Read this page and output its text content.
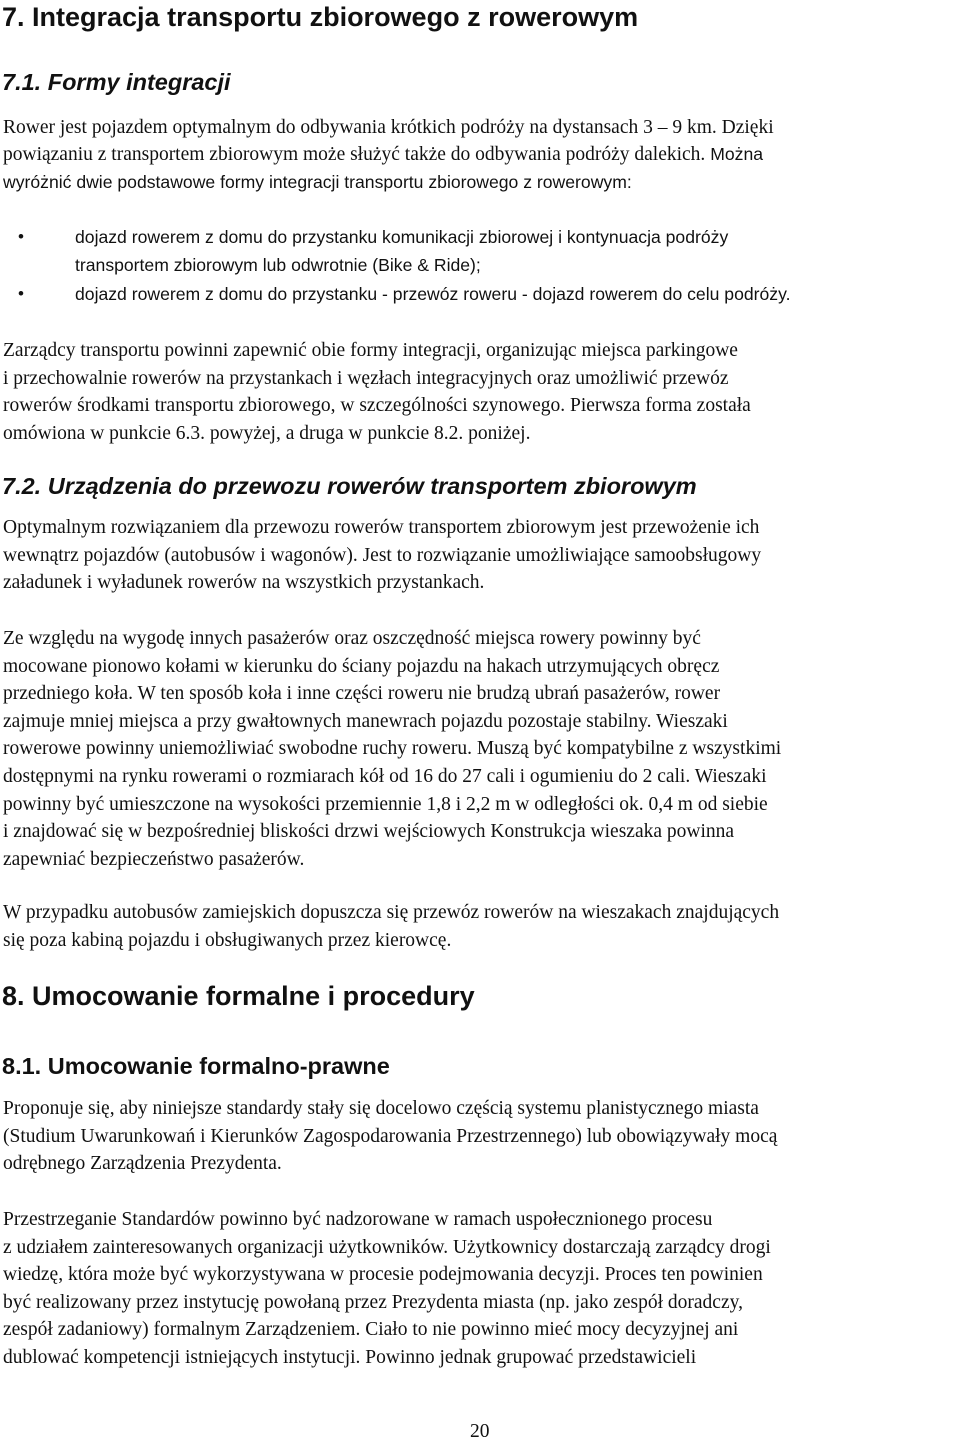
7. Integracja transportu zbiorowego z rowerowym
7.1. Formy integracji
Rower jest pojazdem optymalnym do odbywania krótkich podróży na dystansach 3 – 9 km. Dzięki
powiązaniu z transportem zbiorowym może służyć także do odbywania podróży dalekich. Można
wyróżnić dwie podstawowe formy integracji transportu zbiorowego z rowerowym:
•	dojazd rowerem z domu do przystanku komunikacji zbiorowej i kontynuacja podróży
transportem zbiorowym lub odwrotnie (Bike & Ride);
•	dojazd rowerem z domu do przystanku - przewóz roweru - dojazd rowerem do celu podróży.
Zarządcy transportu powinni zapewnić obie formy integracji, organizując miejsca parkingowe
i przechowalnie rowerów na przystankach i węzłach integracyjnych oraz umożliwić przewóz
rowerów środkami transportu zbiorowego, w szczególności szynowego. Pierwsza forma została
omówiona w punkcie 6.3. powyżej, a druga w punkcie 8.2. poniżej.
7.2. Urządzenia do przewozu rowerów transportem zbiorowym
Optymalnym rozwiązaniem dla przewozu rowerów transportem zbiorowym jest przewożenie ich
wewnątrz pojazdów (autobusów i wagonów). Jest to rozwiązanie umożliwiające samoobsługowy
załadunek i wyładunek rowerów na wszystkich przystankach.
Ze względu na wygodę innych pasażerów oraz oszczędność miejsca rowery powinny być
mocowane pionowo kołami w kierunku do ściany pojazdu na hakach utrzymujących obręcz
przedniego koła. W ten sposób koła i inne części roweru nie brudzą ubrań pasażerów, rower
zajmuje mniej miejsca a przy gwałtownych manewrach pojazdu pozostaje stabilny. Wieszaki
rowerowe powinny uniemożliwiać swobodne ruchy roweru. Muszą być kompatybilne z wszystkimi
dostępnymi na rynku rowerami o rozmiarach kół od 16 do 27 cali i ogumieniu do 2 cali. Wieszaki
powinny być umieszczone na wysokości przemiennie 1,8 i 2,2 m w odległości ok. 0,4 m od siebie
i znajdować się w bezpośredniej bliskości drzwi wejściowych Konstrukcja wieszaka powinna
zapewniać bezpieczeństwo pasażerów.
W przypadku autobusów zamiejskich dopuszcza się przewóz rowerów na wieszakach znajdujących
się poza kabiną pojazdu i obsługiwanych przez kierowcę.
8. Umocowanie formalne i procedury
8.1. Umocowanie formalno-prawne
Proponuje się, aby niniejsze standardy stały się docelowo częścią systemu planistycznego miasta
(Studium Uwarunkowań i Kierunków Zagospodarowania Przestrzennego) lub obowiązywały mocą
odrębnego Zarządzenia Prezydenta.
Przestrzeganie Standardów powinno być nadzorowane w ramach uspołecznionego procesu
z udziałem zainteresowanych organizacji użytkowników. Użytkownicy dostarczają zarządcy drogi
wiedzę, która może być wykorzystywana w procesie podejmowania decyzji. Proces ten powinien
być realizowany przez instytucję powołaną przez Prezydenta miasta (np. jako zespół doradczy,
zespół zadaniowy) formalnym Zarządzeniem. Ciało to nie powinno mieć mocy decyzyjnej ani
dublować kompetencji istniejących instytucji. Powinno jednak grupować przedstawicieli
20
